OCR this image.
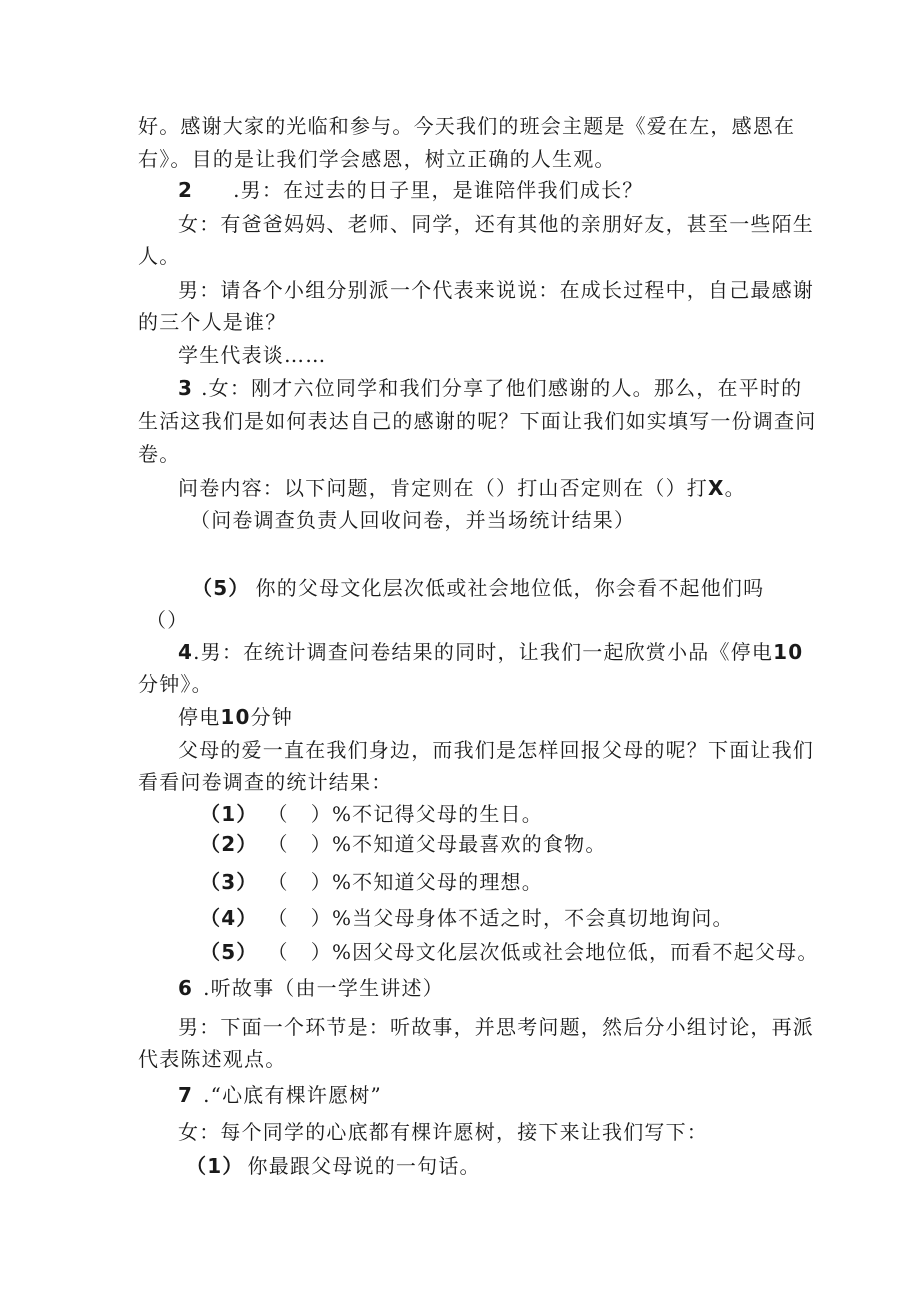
好。感谢大家的光临和参与。今天我们的班会主题是《爱在左，感恩在
右》。目的是让我们学会感恩，树立正确的人生观。
2 .男：在过去的日子里，是谁陪伴我们成长？
女：有爸爸妈妈、老师、同学，还有其他的亲朋好友，甚至一些陌生
人。
男：请各个小组分别派一个代表来说说：在成长过程中，自己最感谢
的三个人是谁？
学生代表谈……
3 .女：刚才六位同学和我们分享了他们感谢的人。那么，在平时的
生活这我们是如何表达自己的感谢的呢？下面让我们如实填写一份调查问
卷。
问卷内容：以下问题，肯定则在（）打山否定则在（）打X。
（问卷调查负责人回收问卷，并当场统计结果）
（5） 你的父母文化层次低或社会地位低，你会看不起他们吗
（）
4.男：在统计调查问卷结果的同时，让我们一起欣赏小品《停电10
分钟》。
停电10分钟
父母的爱一直在我们身边，而我们是怎样回报父母的呢？下面让我们
看看问卷调查的统计结果：
（1） （ ）%不记得父母的生日。
（2） （ ）%不知道父母最喜欢的食物。
（3） （ ）%不知道父母的理想。
（4） （ ）%当父母身体不适之时，不会真切地询问。
（5） （ ）%因父母文化层次低或社会地位低，而看不起父母。
6 .听故事（由一学生讲述）
男：下面一个环节是：听故事，并思考问题，然后分小组讨论，再派
代表陈述观点。
7 .“心底有棵许愿树”
女：每个同学的心底都有棵许愿树，接下来让我们写下：
（1） 你最跟父母说的一句话。
